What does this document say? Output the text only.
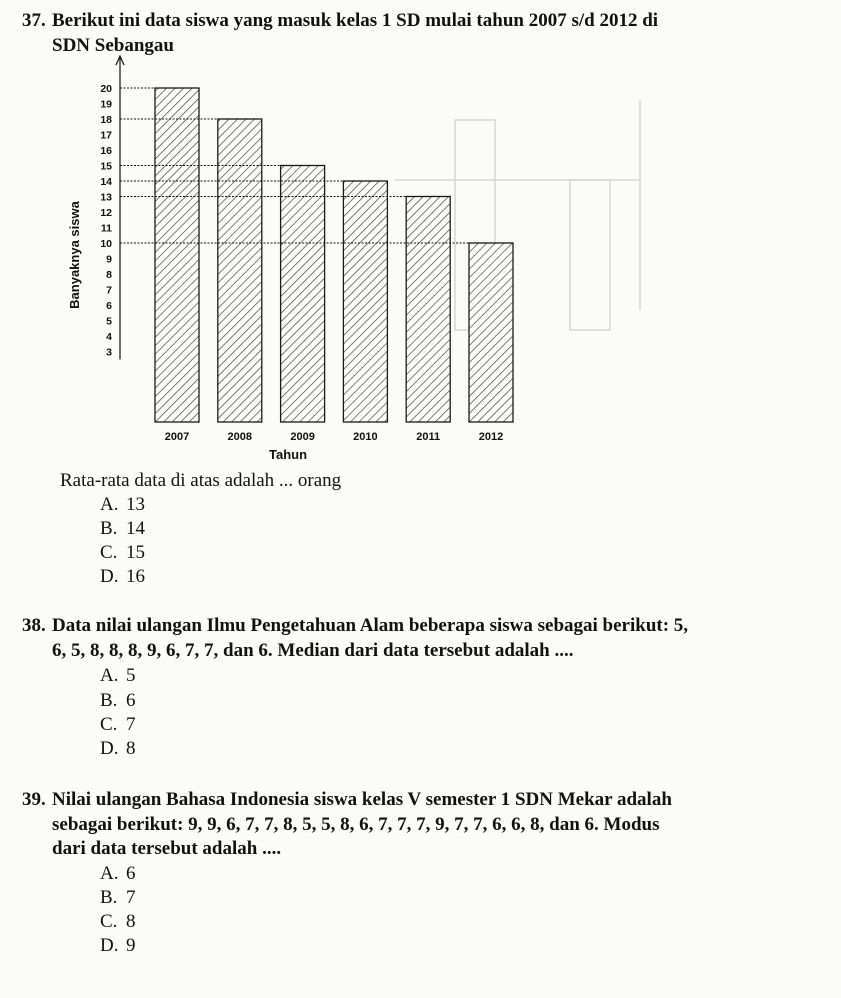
37. Berikut ini data siswa yang masuk kelas 1 SD mulai tahun 2007 s/d 2012 di
SDN Sebangau
3
4
5
6
7
8
9
10
11
12
13
14
15
16
17
18
19
20
2007	2008	2009	2010	2011	2012
Banyaknya siswa
Tahun
Rata-rata data di atas adalah ... orang
A. 13
B. 14
C. 15
D. 16
38. Data nilai ulangan Ilmu Pengetahuan Alam beberapa siswa sebagai berikut: 5,
6, 5, 8, 8, 8, 9, 6, 7, 7, dan 6. Median dari data tersebut adalah ....
A. 5
B. 6
C. 7
D. 8
39. Nilai ulangan Bahasa Indonesia siswa kelas V semester 1 SDN Mekar adalah
sebagai berikut: 9, 9, 6, 7, 7, 8, 5, 5, 8, 6, 7, 7, 7, 9, 7, 7, 6, 6, 8, dan 6. Modus
dari data tersebut adalah ....
A. 6
B. 7
C. 8
D. 9
